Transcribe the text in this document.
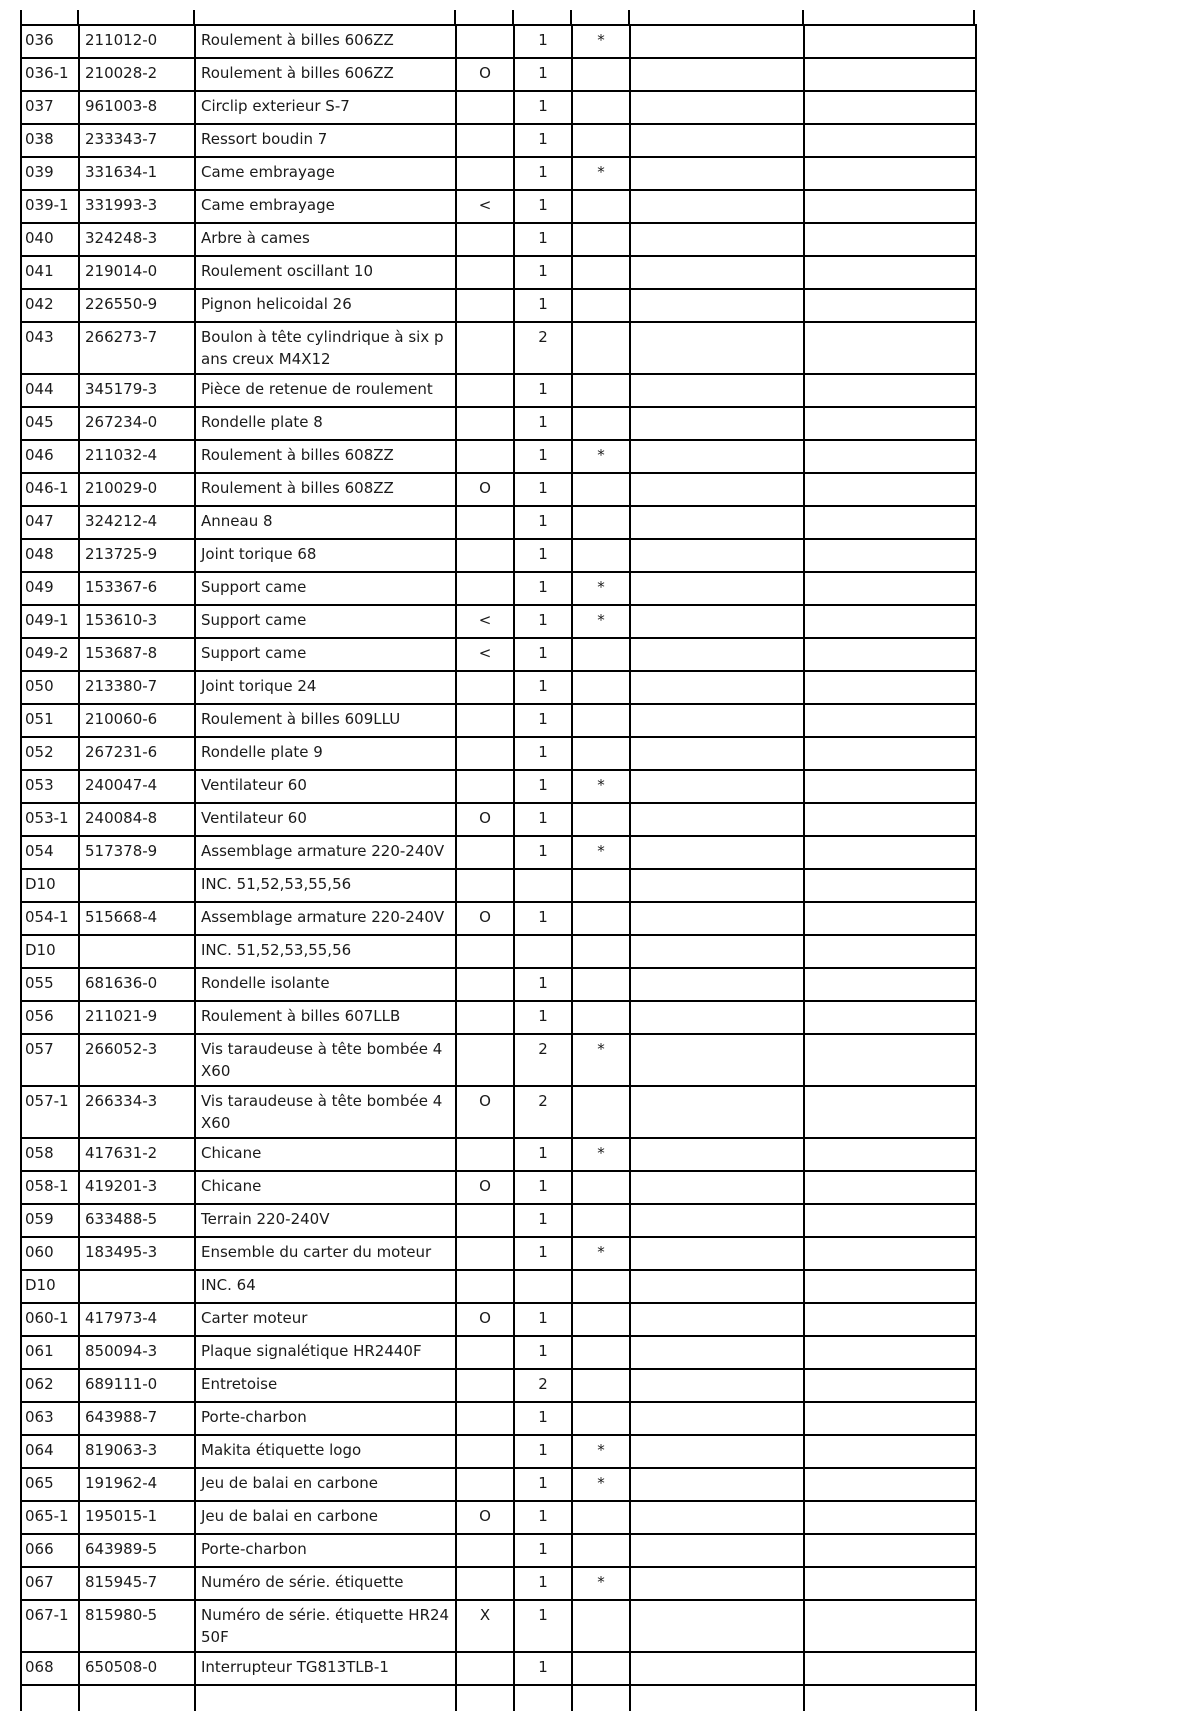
036	211012-0	Roulement à billes 606ZZ		1	*		
036-1	210028-2	Roulement à billes 606ZZ	O	1			
037	961003-8	Circlip exterieur S-7		1			
038	233343-7	Ressort boudin 7		1			
039	331634-1	Came embrayage		1	*		
039-1	331993-3	Came embrayage	<	1			
040	324248-3	Arbre à cames		1			
041	219014-0	Roulement oscillant 10		1			
042	226550-9	Pignon helicoidal 26		1			
043	266273-7	Boulon à tête cylindrique à six pans creux M4X12		2			
044	345179-3	Pièce de retenue de roulement		1			
045	267234-0	Rondelle plate 8		1			
046	211032-4	Roulement à billes 608ZZ		1	*		
046-1	210029-0	Roulement à billes 608ZZ	O	1			
047	324212-4	Anneau 8		1			
048	213725-9	Joint torique 68		1			
049	153367-6	Support came		1	*		
049-1	153610-3	Support came	<	1	*		
049-2	153687-8	Support came	<	1			
050	213380-7	Joint torique 24		1			
051	210060-6	Roulement à billes 609LLU		1			
052	267231-6	Rondelle plate 9		1			
053	240047-4	Ventilateur 60		1	*		
053-1	240084-8	Ventilateur 60	O	1			
054	517378-9	Assemblage armature 220-240V		1	*		
D10		INC. 51,52,53,55,56					
054-1	515668-4	Assemblage armature 220-240V	O	1			
D10		INC. 51,52,53,55,56					
055	681636-0	Rondelle isolante		1			
056	211021-9	Roulement à billes 607LLB		1			
057	266052-3	Vis taraudeuse à tête bombée 4X60		2	*		
057-1	266334-3	Vis taraudeuse à tête bombée 4X60	O	2			
058	417631-2	Chicane		1	*		
058-1	419201-3	Chicane	O	1			
059	633488-5	Terrain 220-240V		1			
060	183495-3	Ensemble du carter du moteur		1	*		
D10		INC. 64					
060-1	417973-4	Carter moteur	O	1			
061	850094-3	Plaque signalétique HR2440F		1			
062	689111-0	Entretoise		2			
063	643988-7	Porte-charbon		1			
064	819063-3	Makita étiquette logo		1	*		
065	191962-4	Jeu de balai en carbone		1	*		
065-1	195015-1	Jeu de balai en carbone	O	1			
066	643989-5	Porte-charbon		1			
067	815945-7	Numéro de série. étiquette		1	*		
067-1	815980-5	Numéro de série. étiquette HR2450F	X	1			
068	650508-0	Interrupteur TG813TLB-1		1			
